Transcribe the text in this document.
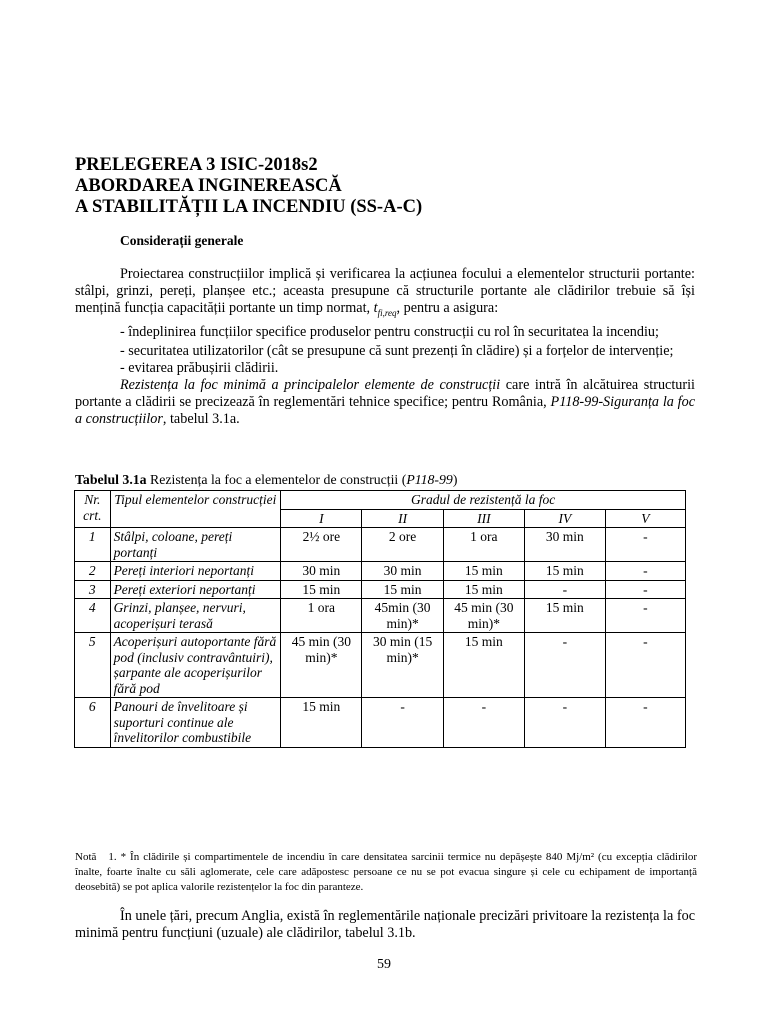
PRELEGEREA 3 ISIC-2018s2
ABORDAREA INGINEREASCĂ
A STABILITĂȚII LA INCENDIU (SS-A-C)
Considerații generale

Proiectarea construcțiilor implică și verificarea la acțiunea focului a elementelor structurii portante: stâlpi, grinzi, pereți, planșee etc.; aceasta presupune că structurile portante ale clădirilor trebuie să își mențină funcția capacității portante un timp normat, $t_{fi,req}$, pentru a asigura:

- îndeplinirea funcțiilor specifice produselor pentru construcții cu rol în securitatea la incendiu;

- securitatea utilizatorilor (cât se presupune că sunt prezenți în clădire) și a forțelor de intervenție;

- evitarea prăbușirii clădirii.

Rezistența la foc minimă a principalelor elemente de construcții care intră în alcătuirea structurii portante a clădirii se precizează în reglementări tehnice specifice; pentru România, P118-99-Siguranța la foc a construcțiilor, tabelul 3.1a.

Tabelul 3.1a Rezistența la foc a elementelor de construcții (P118-99)
Nr. crt.	Tipul elementelor construcției	Gradul de rezistență la foc				
		I	II	III	IV	V
1	Stâlpi, coloane, pereți portanți	2½ ore	2 ore	1 ora	30 min	-
2	Pereți interiori neportanți	30 min	30 min	15 min	15 min	-
3	Pereți exteriori neportanți	15 min	15 min	15 min	-	-
4	Grinzi, planșee, nervuri, acoperișuri terasă	1 ora	45min (30 min)*	45 min (30 min)*	15 min	-
5	Acoperișuri autoportante fără pod (inclusiv contravântuiri), șarpante ale acoperișurilor fără pod	45 min (30 min)*	30 min (15 min)*	15 min	-	-
6	Panouri de învelitoare și suporturi continue ale învelitorilor combustibile	15 min	-	-	-	-
Notă 1. * În clădirile și compartimentele de incendiu în care densitatea sarcinii termice nu depășește 840 Mj/m² (cu excepția clădirilor înalte, foarte înalte cu săli aglomerate, cele care adăpostesc persoane ce nu se pot evacua singure și cele cu echipament de importanță deosebită) se pot aplica valorile rezistențelor la foc din paranteze.

În unele țări, precum Anglia, există în reglementările naționale precizări privitoare la rezistența la foc minimă pentru funcțiuni (uzuale) ale clădirilor, tabelul 3.1b.

59
